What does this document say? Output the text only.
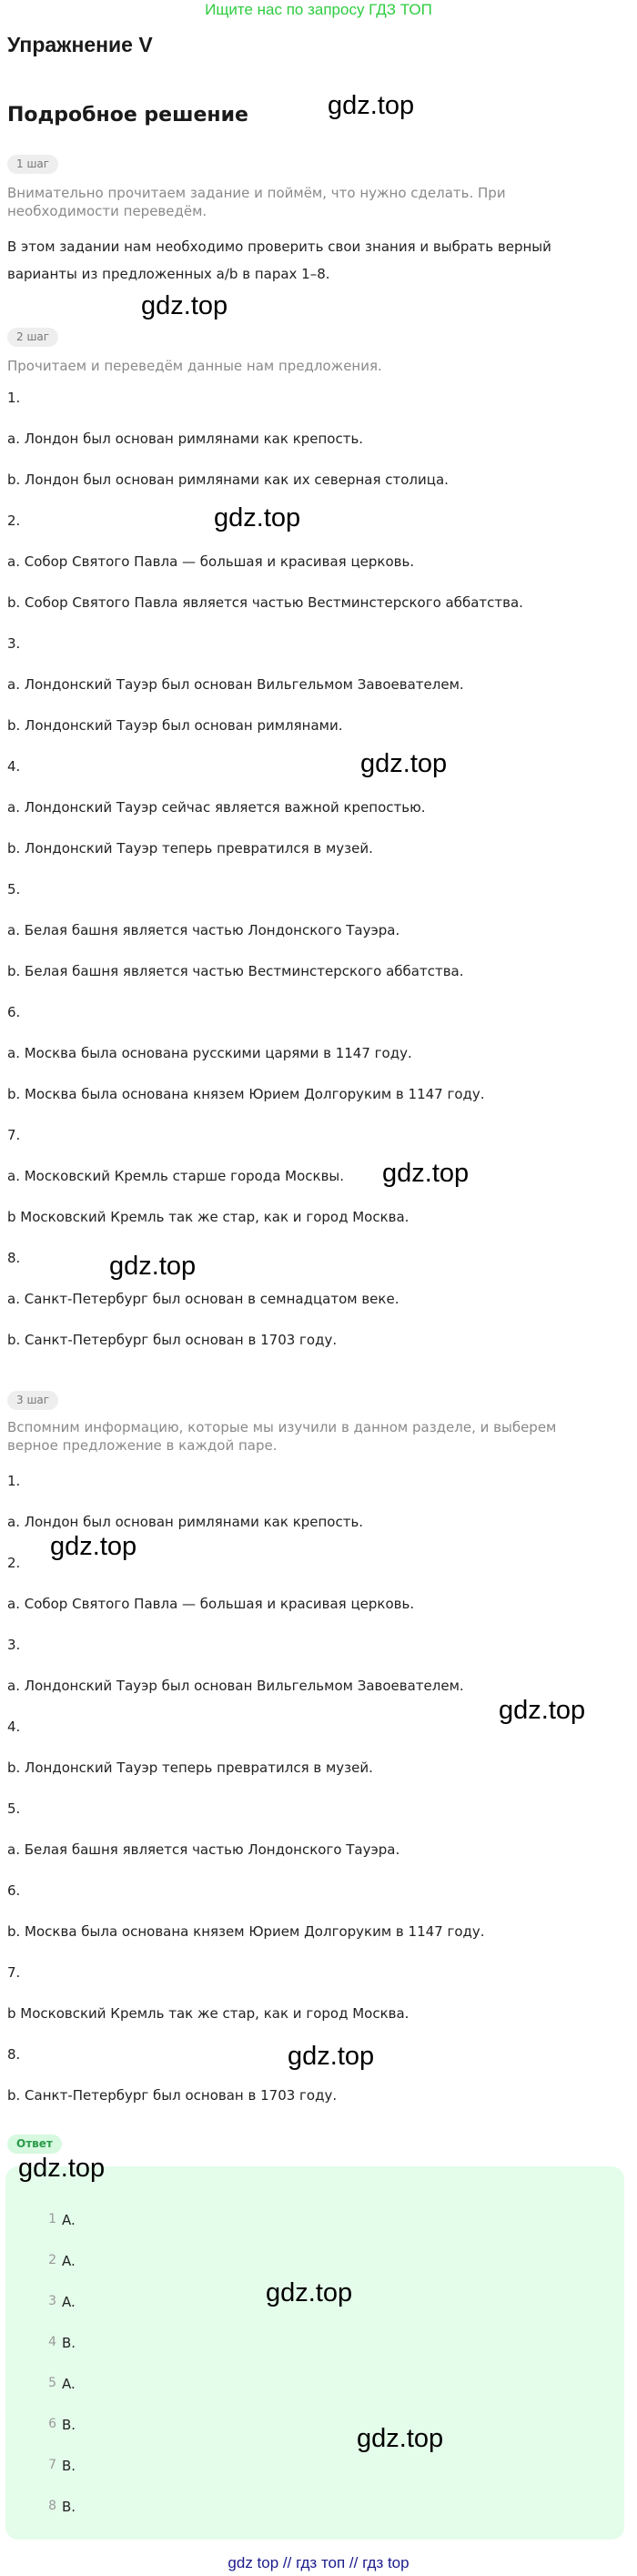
Ищите нас по запросу ГДЗ ТОП
Упражнение V
Подробное решение
1 шаг
Внимательно прочитаем задание и поймём, что нужно сделать. При необходимости переведём.
В этом задании нам необходимо проверить свои знания и выбрать верный варианты из предложенных a/b в парах 1–8.
2 шаг
Прочитаем и переведём данные нам предложения.
1.
a. Лондон был основан римлянами как крепость.
b. Лондон был основан римлянами как их северная столица.
2.
a. Собор Святого Павла — большая и красивая церковь.
b. Собор Святого Павла является частью Вестминстерского аббатства.
3.
a. Лондонский Тауэр был основан Вильгельмом Завоевателем.
b. Лондонский Тауэр был основан римлянами.
4.
a. Лондонский Тауэр сейчас является важной крепостью.
b. Лондонский Тауэр теперь превратился в музей.
5.
a. Белая башня является частью Лондонского Тауэра.
b. Белая башня является частью Вестминстерского аббатства.
6.
a. Москва была основана русскими царями в 1147 году.
b. Москва была основана князем Юрием Долгоруким в 1147 году.
7.
a. Московский Кремль старше города Москвы.
b Московский Кремль так же стар, как и город Москва.
8.
a. Санкт-Петербург был основан в семнадцатом веке.
b. Санкт-Петербург был основан в 1703 году.
3 шаг
Вспомним информацию, которые мы изучили в данном разделе, и выберем верное предложение в каждой паре.
1.
a. Лондон был основан римлянами как крепость.
2.
a. Собор Святого Павла — большая и красивая церковь.
3.
a. Лондонский Тауэр был основан Вильгельмом Завоевателем.
4.
b. Лондонский Тауэр теперь превратился в музей.
5.
a. Белая башня является частью Лондонского Тауэра.
6.
b. Москва была основана князем Юрием Долгоруким в 1147 году.
7.
b Московский Кремль так же стар, как и город Москва.
8.
b. Санкт-Петербург был основан в 1703 году.
Ответ
1 A.
2 A.
3 A.
4 B.
5 A.
6 B.
7 B.
8 B.
gdz.top
gdz.top
gdz.top
gdz.top
gdz.top
gdz.top
gdz.top
gdz.top
gdz.top
gdz.top
gdz.top
gdz.top
gdz top // гдз топ // гдз top
